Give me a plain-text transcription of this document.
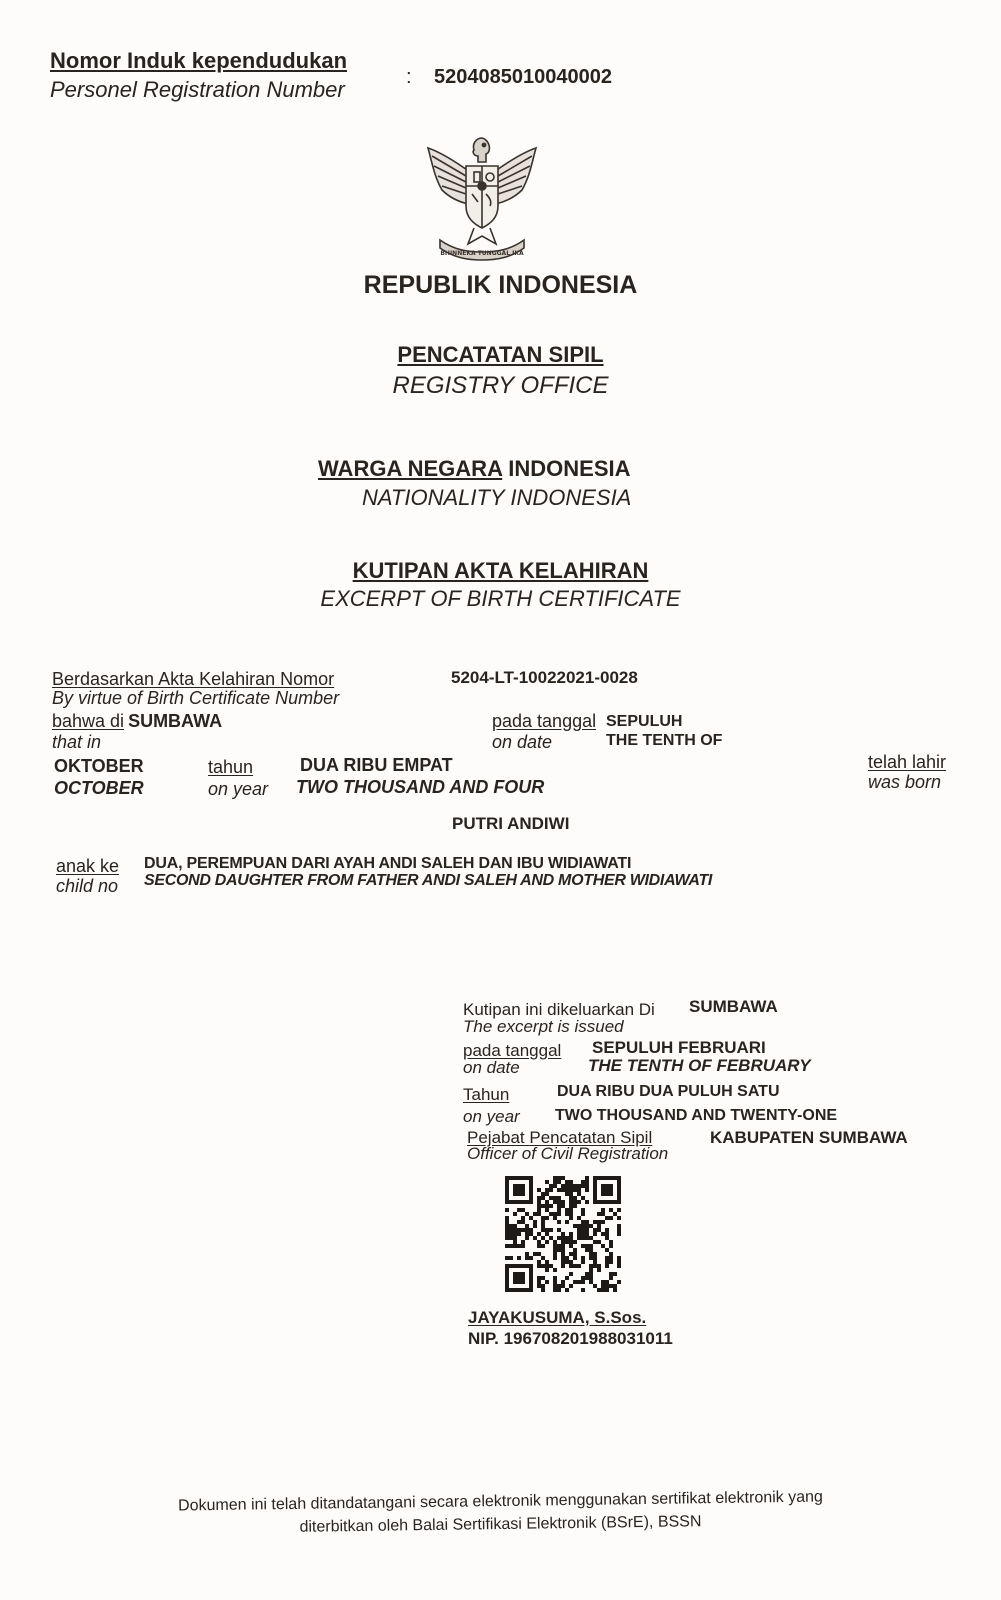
Nomor Induk kependudukan
Personel Registration Number	: 5204085010040002
BHINNEKA TUNGGAL IKA
REPUBLIK INDONESIA
PENCATATAN SIPIL
REGISTRY OFFICE
WARGA NEGARA INDONESIA
NATIONALITY INDONESIA
KUTIPAN AKTA KELAHIRAN
EXCERPT OF BIRTH CERTIFICATE
Berdasarkan Akta Kelahiran Nomor
By virtue of Birth Certificate Number
5204-LT-10022021-0028
bahwa di SUMBAWA
that in
pada tanggal
on date
SEPULUH
THE TENTH OF
OKTOBER
OCTOBER
tahun
on year
DUA RIBU EMPAT
TWO THOUSAND AND FOUR
telah lahir
was born
PUTRI ANDIWI
anak ke
child no
DUA, PEREMPUAN DARI AYAH ANDI SALEH DAN IBU WIDIAWATI
SECOND DAUGHTER FROM FATHER ANDI SALEH AND MOTHER WIDIAWATI
Kutipan ini dikeluarkan Di
The excerpt is issued
SUMBAWA
pada tanggal
on date
SEPULUH FEBRUARI
THE TENTH OF FEBRUARY
Tahun
on year
DUA RIBU DUA PULUH SATU
TWO THOUSAND AND TWENTY-ONE
Pejabat Pencatatan Sipil
Officer of Civil Registration
KABUPATEN SUMBAWA
JAYAKUSUMA, S.Sos.
NIP. 196708201988031011
Dokumen ini telah ditandatangani secara elektronik menggunakan sertifikat elektronik yang
diterbitkan oleh Balai Sertifikasi Elektronik (BSrE), BSSN
